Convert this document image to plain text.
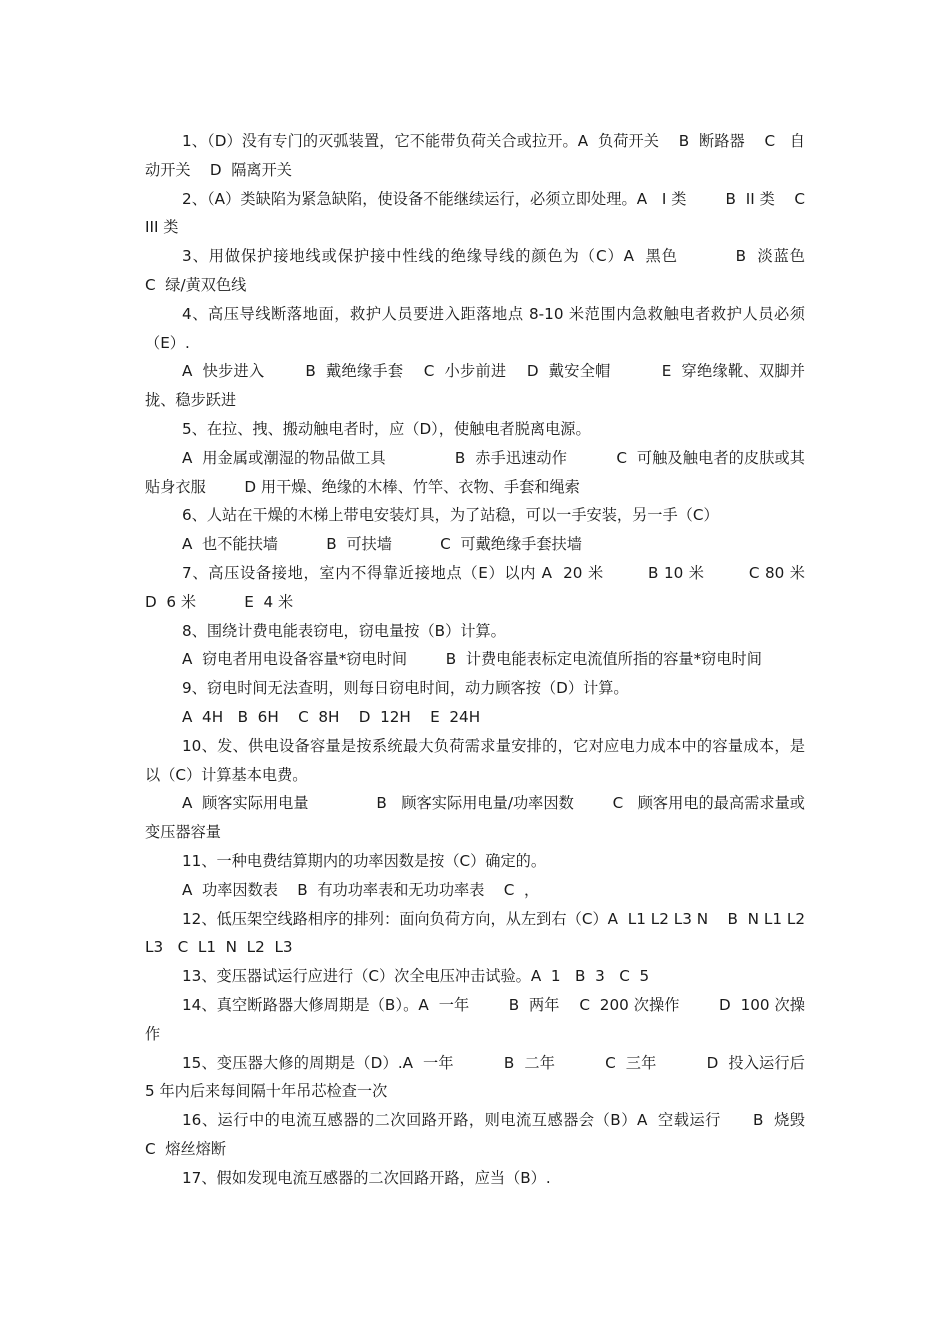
1、（D）没有专门的灭弧装置，它不能带负荷关合或拉开。A  负荷开关    B  断路器    C   自动开关    D  隔离开关

2、（A）类缺陷为紧急缺陷，使设备不能继续运行，必须立即处理。A   I 类        B  II 类    C  III 类

3、用做保护接地线或保护接中性线的绝缘导线的颜色为（C）A  黑色          B  淡蓝色          C  绿/黄双色线

4、高压导线断落地面，救护人员要进入距落地点 8-10 米范围内急救触电者救护人员必须（E）.

A  快步进入        B  戴绝缘手套    C  小步前进    D  戴安全帽          E  穿绝缘靴、双脚并拢、稳步跃进

5、在拉、拽、搬动触电者时，应（D），使触电者脱离电源。

A  用金属或潮湿的物品做工具              B  赤手迅速动作          C  可触及触电者的皮肤或其贴身衣服        D 用干燥、绝缘的木棒、竹竿、衣物、手套和绳索

6、人站在干燥的木梯上带电安装灯具，为了站稳，可以一手安装，另一手（C）

A  也不能扶墙          B  可扶墙          C  可戴绝缘手套扶墙

7、高压设备接地，室内不得靠近接地点（E）以内 A  20 米        B 10 米        C 80 米          D  6 米          E  4 米

8、围绕计费电能表窃电，窃电量按（B）计算。

A  窃电者用电设备容量*窃电时间        B  计费电能表标定电流值所指的容量*窃电时间

9、窃电时间无法查明，则每日窃电时间，动力顾客按（D）计算。

A  4H   B  6H    C  8H    D  12H    E  24H

10、发、供电设备容量是按系统最大负荷需求量安排的，它对应电力成本中的容量成本，是以（C）计算基本电费。

A  顾客实际用电量              B   顾客实际用电量/功率因数        C   顾客用电的最高需求量或变压器容量

11、一种电费结算期内的功率因数是按（C）确定的。

A  功率因数表    B  有功功率表和无功功率表    C  ，

12、低压架空线路相序的排列：面向负荷方向，从左到右（C）A  L1 L2 L3 N    B  N L1 L2 L3   C  L1  N  L2  L3

13、变压器试运行应进行（C）次全电压冲击试验。A  1   B  3   C  5

14、真空断路器大修周期是（B）。A  一年        B  两年    C  200 次操作        D  100 次操作

15、变压器大修的周期是（D）.A  一年          B  二年          C  三年          D  投入运行后 5 年内后来每间隔十年吊芯检查一次

16、运行中的电流互感器的二次回路开路，则电流互感器会（B）A  空载运行      B  烧毁        C  熔丝熔断

17、假如发现电流互感器的二次回路开路，应当（B）.
